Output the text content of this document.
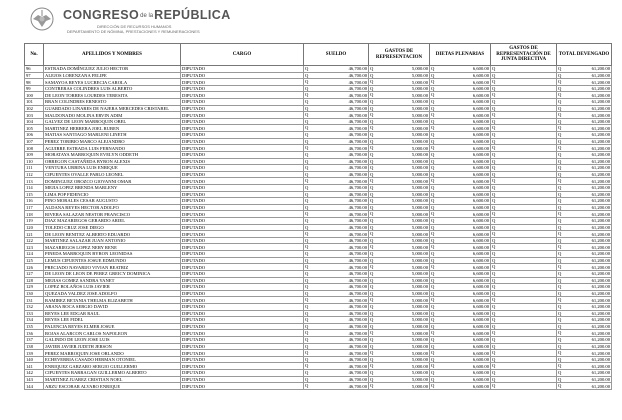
CONGRESOde laREPÚBLICA
DIRECCIÓN DE RECURSOS HUMANOS
DEPARTAMENTO DE NÓMINA, PRESTACIONES Y REMUNERACIONES
No.	APELLIDOS Y NOMBRES	CARGO	SUELDO	GASTOS DE REPRESENTACION	DIETAS PLENARIAS	GASTOS DE REPRESENTACIÓN DE JUNTA DIRECTIVA	TOTAL DEVENGADO
96	ESTRADA DOMÍNGUEZ JULIO HECTOR	DIPUTADO	Q 46,700.00	Q 5,000.00	Q 6,600.00	Q	Q 61,200.00

97	ALEJOS LORENZANA FELIPE	DIPUTADO	Q 46,700.00	Q 5,000.00	Q 6,600.00	Q	Q 61,200.00

98	SAMAYOA REYES LUCRECIA CAROLA	DIPUTADO	Q 46,700.00	Q 5,000.00	Q 6,600.00	Q	Q 61,200.00

99	CONTRERAS COLINDRES LUIS ALBERTO	DIPUTADO	Q 46,700.00	Q 5,000.00	Q 6,600.00	Q	Q 61,200.00

100	DE LEON TORRES LOURDES TERESITA	DIPUTADO	Q 46,700.00	Q 5,000.00	Q 6,600.00	Q	Q 61,200.00

101	BRAN COLINDRES ERNESTO	DIPUTADO	Q 46,700.00	Q 5,000.00	Q 6,600.00	Q	Q 61,200.00

102	GUARDADO LINARES DE NAJERA MERCEDES CRISTABEL	DIPUTADO	Q 46,700.00	Q 5,000.00	Q 6,600.00	Q	Q 61,200.00

103	MALDONADO MOLINA ERVIN ADIM	DIPUTADO	Q 46,700.00	Q 5,000.00	Q 6,600.00	Q	Q 61,200.00

104	GALVEZ DE LEON MARROQUIN OBEL	DIPUTADO	Q 46,700.00	Q 5,000.00	Q 6,600.00	Q	Q 61,200.00

105	MARTINEZ HERRERA JOEL RUBEN	DIPUTADO	Q 46,700.00	Q 5,000.00	Q 6,600.00	Q	Q 61,200.00

106	MATIAS SANTIAGO MARLENI LINETH	DIPUTADO	Q 46,700.00	Q 5,000.00	Q 6,600.00	Q	Q 61,200.00

107	PEREZ TORIBIO MARCO ALEJANDRO	DIPUTADO	Q 46,700.00	Q 5,000.00	Q 6,600.00	Q	Q 61,200.00

108	AGUIRRE ESTRADA LUIS FERNANDO	DIPUTADO	Q 46,700.00	Q 5,000.00	Q 6,600.00	Q	Q 61,200.00

109	MORATAYA MARROQUIN EVELYN ODDETH	DIPUTADO	Q 46,700.00	Q 5,000.00	Q 6,600.00	Q	Q 61,200.00

110	OBREGON CASTAÑEDA BYRON ALEXIS	DIPUTADO	Q 46,700.00	Q 5,000.00	Q 6,600.00	Q	Q 61,200.00

111	VENTURA URBINA LUIS ENRIQUE	DIPUTADO	Q 46,700.00	Q 5,000.00	Q 6,600.00	Q	Q 61,200.00

112	CIFUENTES OVALLE PABLO LEONEL	DIPUTADO	Q 46,700.00	Q 5,000.00	Q 6,600.00	Q	Q 61,200.00

113	DOMINGUEZ OROZCO GIOVANNI OMAR	DIPUTADO	Q 46,700.00	Q 5,000.00	Q 6,600.00	Q	Q 61,200.00

114	MEJIA LOPEZ BRENDA MARLENY	DIPUTADO	Q 46,700.00	Q 5,000.00	Q 6,600.00	Q	Q 61,200.00

115	LIMA POP FIDENCIO	DIPUTADO	Q 46,700.00	Q 5,000.00	Q 6,600.00	Q	Q 61,200.00

116	PINO MORALES CESAR AUGUSTO	DIPUTADO	Q 46,700.00	Q 5,000.00	Q 6,600.00	Q	Q 61,200.00

117	ALDANA REYES HECTOR ADOLFO	DIPUTADO	Q 46,700.00	Q 5,000.00	Q 6,600.00	Q	Q 61,200.00

118	RIVERA SALAZAR NESTOR FRANCISCO	DIPUTADO	Q 46,700.00	Q 5,000.00	Q 6,600.00	Q	Q 61,200.00

119	DIAZ MAZARIEGOS GERARDO ARIEL	DIPUTADO	Q 46,700.00	Q 5,000.00	Q 6,600.00	Q	Q 61,200.00

120	TOLEDO CRUZ JOSE DIEGO	DIPUTADO	Q 46,700.00	Q 5,000.00	Q 6,600.00	Q	Q 61,200.00

121	DE LEON BENITEZ ALBERTO EDUARDO	DIPUTADO	Q 46,700.00	Q 5,000.00	Q 6,600.00	Q	Q 61,200.00

122	MARTINEZ SALAZAR JUAN ANTONIO	DIPUTADO	Q 46,700.00	Q 5,000.00	Q 6,600.00	Q	Q 61,200.00

123	MAZARIEGOS LOPEZ NERY RENE	DIPUTADO	Q 46,700.00	Q 5,000.00	Q 6,600.00	Q	Q 61,200.00

124	PINEDA MARROQUIN BYRON LEONIDAS	DIPUTADO	Q 46,700.00	Q 5,000.00	Q 6,600.00	Q	Q 61,200.00

125	LEMUS CIFUENTES JOSUE EDMUNDO	DIPUTADO	Q 46,700.00	Q 5,000.00	Q 6,600.00	Q	Q 61,200.00

126	PRECIADO NAVARIJO VIVIAN BEATRIZ	DIPUTADO	Q 46,700.00	Q 5,000.00	Q 6,600.00	Q	Q 61,200.00

127	DE LEON DE LEON DE PEREZ GREICY DOMINICA	DIPUTADO	Q 46,700.00	Q 5,000.00	Q 6,600.00	Q	Q 61,200.00

128	MEJIAS GOMEZ SANDRA YANET	DIPUTADO	Q 46,700.00	Q 5,000.00	Q 6,600.00	Q	Q 61,200.00

129	LOPEZ BOLAÑOS LUIS JAVIER	DIPUTADO	Q 46,700.00	Q 5,000.00	Q 6,600.00	Q	Q 61,200.00

130	QUEZADA VALDEZ JOSE ADOLFO	DIPUTADO	Q 46,700.00	Q 5,000.00	Q 6,600.00	Q	Q 61,200.00

131	RAMIREZ BETANIA THELMA ELIZABETH	DIPUTADO	Q 46,700.00	Q 5,000.00	Q 6,600.00	Q	Q 61,200.00

132	ARANA ROCA SERGIO DAVID	DIPUTADO	Q 46,700.00	Q 5,000.00	Q 6,600.00	Q	Q 61,200.00

133	REYES LEE EDGAR RAUL	DIPUTADO	Q 46,700.00	Q 5,000.00	Q 6,600.00	Q	Q 61,200.00

134	REYES LEE FIDEL	DIPUTADO	Q 46,700.00	Q 5,000.00	Q 6,600.00	Q	Q 61,200.00

135	PALENCIA REYES ELMER JOSUE	DIPUTADO	Q 46,700.00	Q 5,000.00	Q 6,600.00	Q	Q 61,200.00

136	ROJAS ALARCON CARLOS NAPOLEON	DIPUTADO	Q 46,700.00	Q 5,000.00	Q 6,600.00	Q	Q 61,200.00

137	GALINDO DE LEON JOSE LUIS	DIPUTADO	Q 46,700.00	Q 5,000.00	Q 6,600.00	Q	Q 61,200.00

138	JAVIER JAVIER JUDITH JERSON	DIPUTADO	Q 46,700.00	Q 5,000.00	Q 6,600.00	Q	Q 61,200.00

139	PEREZ MARROQUIN JOSE ORLANDO	DIPUTADO	Q 46,700.00	Q 5,000.00	Q 6,600.00	Q	Q 61,200.00

140	ECHEVERRIA CASADO HERMAN OTONIEL	DIPUTADO	Q 46,700.00	Q 5,000.00	Q 6,600.00	Q	Q 61,200.00

141	ENRIQUEZ GARZARO SERGIO GUILLERMO	DIPUTADO	Q 46,700.00	Q 5,000.00	Q 6,600.00	Q	Q 61,200.00

142	CIFUENTES BARRAGAN GUILLERMO ALBERTO	DIPUTADO	Q 46,700.00	Q 5,000.00	Q 6,600.00	Q	Q 61,200.00

143	MARTINEZ JUAREZ CRISTIAN NOEL	DIPUTADO	Q 46,700.00	Q 5,000.00	Q 6,600.00	Q	Q 61,200.00

144	ARZU ESCOBAR ALVARO ENRIQUE	DIPUTADO	Q 46,700.00	Q 5,000.00	Q 6,600.00	Q	Q 61,200.00
